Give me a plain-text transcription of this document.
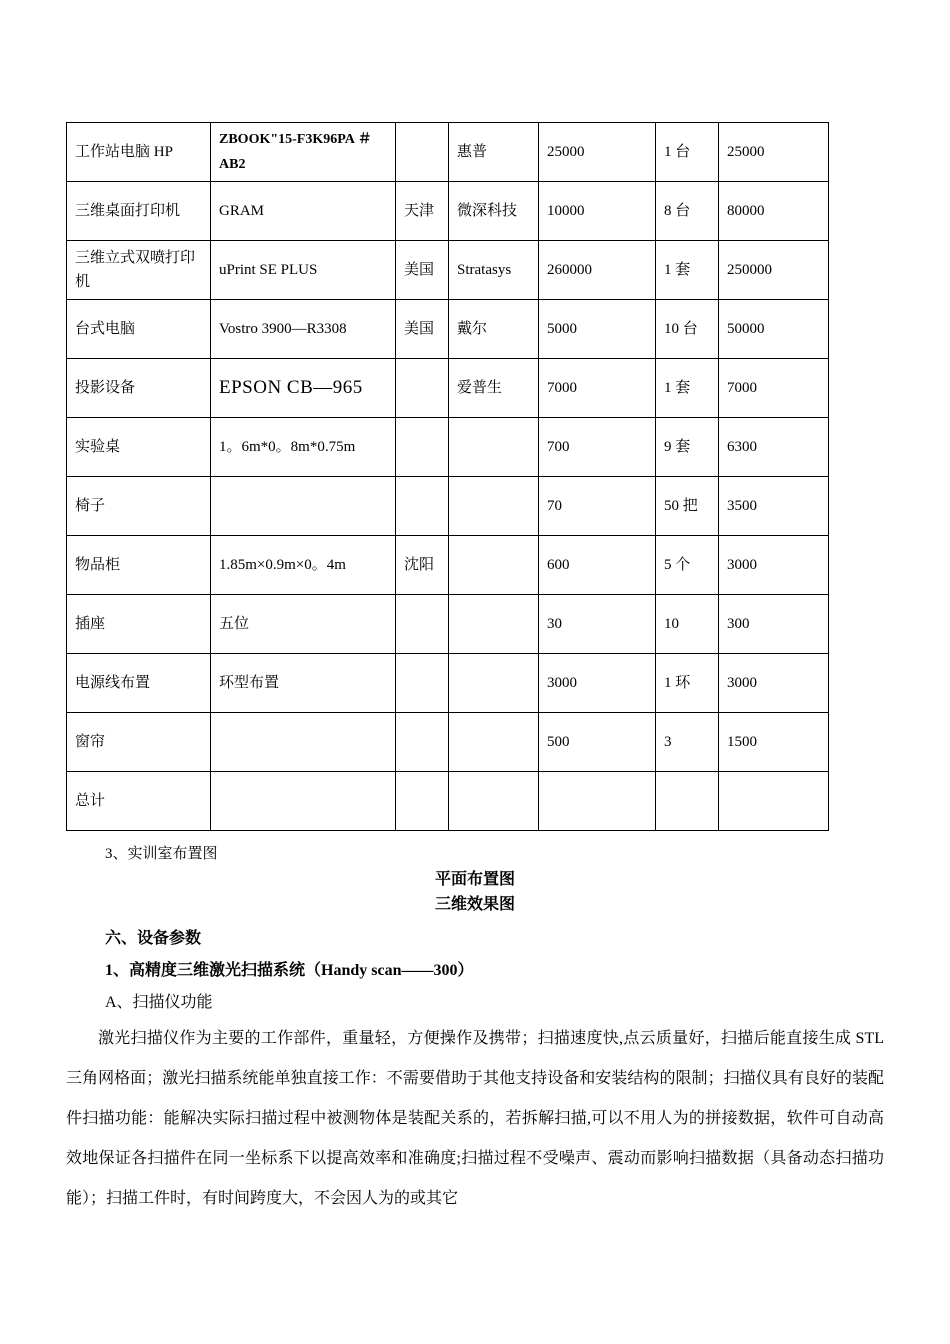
工作站电脑 HP	ZBOOK"15-F3K96PA ＃AB2		惠普	25000	1 台	25000
三维桌面打印机	GRAM	天津	微深科技	10000	8 台	80000
三维立式双喷打印机	uPrint SE PLUS	美国	Stratasys	260000	1 套	250000
台式电脑	Vostro 3900—R3308	美国	戴尔	5000	10 台	50000
投影设备	EPSON CB—965		爱普生	7000	1 套	7000
实验桌	1。6m*0。8m*0.75m			700	9 套	6300
椅子				70	50 把	3500
物品柜	1.85m×0.9m×0。4m	沈阳		600	5 个	3000
插座	五位			30	10	300
电源线布置	环型布置			3000	1 环	3000
窗帘				500	3	1500
总计						

3、实训室布置图

平面布置图

三维效果图

六、设备参数

1、高精度三维激光扫描系统（Handy scan——300）

A、扫描仪功能

激光扫描仪作为主要的工作部件，重量轻，方便操作及携带；扫描速度快,点云质量好，扫描后能直接生成 STL 三角网格面；激光扫描系统能单独直接工作：不需要借助于其他支持设备和安装结构的限制；扫描仪具有良好的装配件扫描功能：能解决实际扫描过程中被测物体是装配关系的，若拆解扫描,可以不用人为的拼接数据，软件可自动高效地保证各扫描件在同一坐标系下以提高效率和准确度;扫描过程不受噪声、震动而影响扫描数据（具备动态扫描功能）；扫描工件时，有时间跨度大，不会因人为的或其它
